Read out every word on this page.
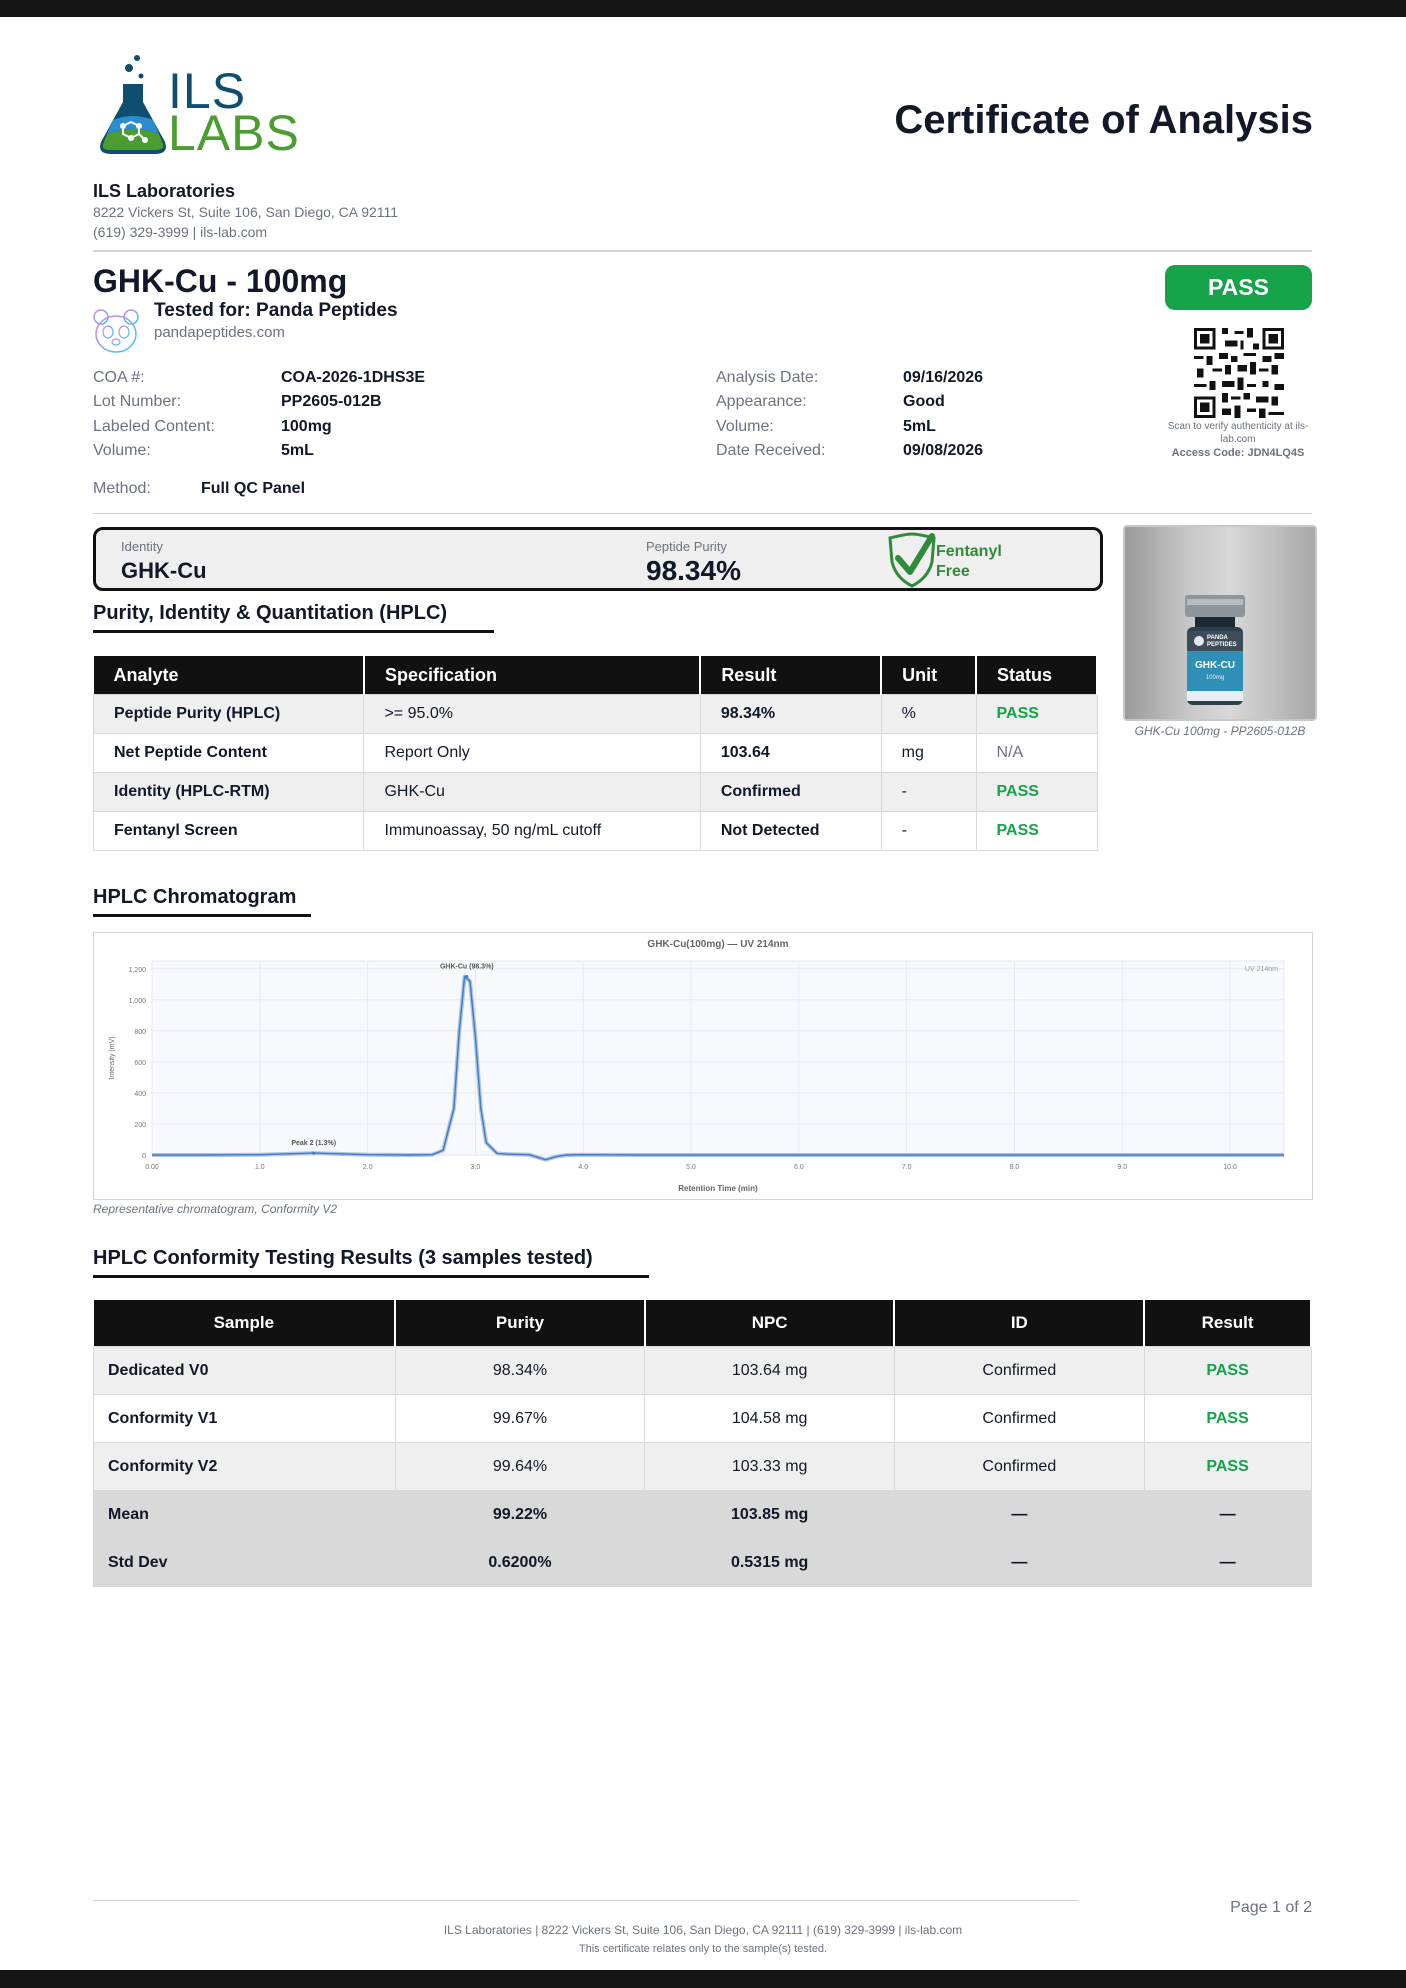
ILS
LABS	Certificate of Analysis
ILS Laboratories
8222 Vickers St, Suite 106, San Diego, CA 92111
(619) 329-3999 | ils-lab.com
GHK-Cu - 100mg
Tested for: Panda Peptides
pandapeptides.com
PASS
Scan to verify authenticity at ils-lab.com
Access Code: JDN4LQ4S
COA #:	COA-2026-1DHS3E
Lot Number:	PP2605-012B
Labeled Content:	100mg
Volume:	5mL
Analysis Date:	09/16/2026
Appearance:	Good
Volume:	5mL
Date Received:	09/08/2026
Method:	Full QC Panel
Identity
GHK-Cu
Peptide Purity
98.34%
Fentanyl
Free
PANDA
PEPTIDES
GHK-CU
100mg
GHK-Cu 100mg - PP2605-012B
Purity, Identity & Quantitation (HPLC)
Analyte	Specification	Result	Unit	Status
Peptide Purity (HPLC)	>= 95.0%	98.34%	%	PASS
Net Peptide Content	Report Only	103.64	mg	N/A
Identity (HPLC-RTM)	GHK-Cu	Confirmed	-	PASS
Fentanyl Screen	Immunoassay, 50 ng/mL cutoff	Not Detected	-	PASS
HPLC Chromatogram
0
200
400
600
800
1,000
1,200
0.00	1.0	2.0	3.0	4.0	5.0	6.0	7.0	8.0	9.0	10.0
GHK-Cu(100mg) — UV 214nm
Retention Time (min)
Intensity (mV)
UV 214nm
GHK-Cu (98.3%)
Peak 2 (1.3%)
Representative chromatogram, Conformity V2
HPLC Conformity Testing Results (3 samples tested)
Sample	Purity	NPC	ID	Result
Dedicated V0	98.34%	103.64 mg	Confirmed	PASS
Conformity V1	99.67%	104.58 mg	Confirmed	PASS
Conformity V2	99.64%	103.33 mg	Confirmed	PASS
Mean	99.22%	103.85 mg	—	—
Std Dev	0.6200%	0.5315 mg	—	—
Page 1 of 2
ILS Laboratories | 8222 Vickers St, Suite 106, San Diego, CA 92111 | (619) 329-3999 | ils-lab.com
This certificate relates only to the sample(s) tested.
